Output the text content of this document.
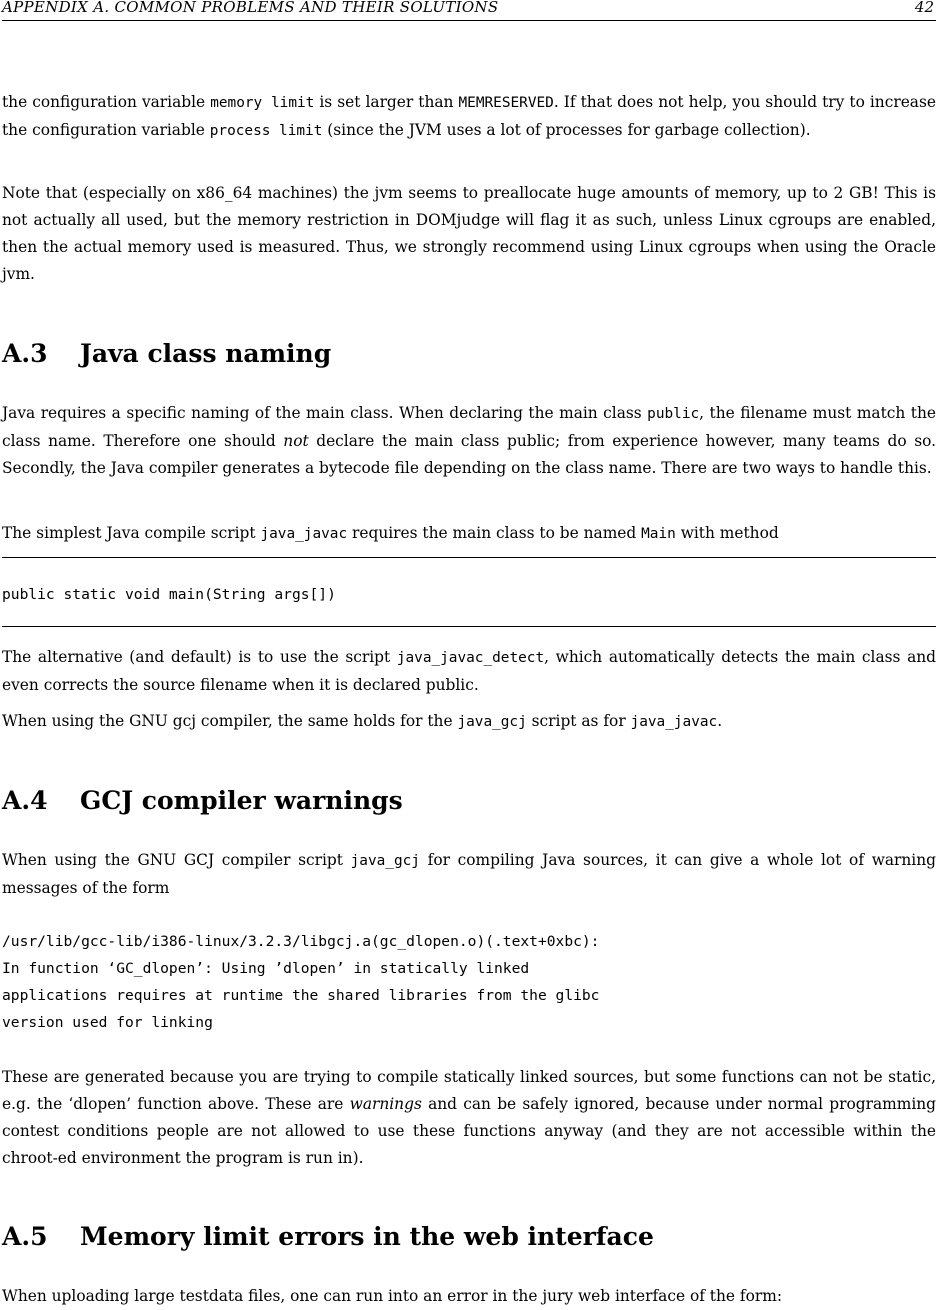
APPENDIX A. COMMON PROBLEMS AND THEIR SOLUTIONS	42

the configuration variable memory limit is set larger than MEMRESERVED. If that does not help, you should try to increase the configuration variable process limit (since the JVM uses a lot of processes for garbage collection).

Note that (especially on x86_64 machines) the jvm seems to preallocate huge amounts of memory, up to 2 GB! This is not actually all used, but the memory restriction in DOMjudge will flag it as such, unless Linux cgroups are enabled, then the actual memory used is measured. Thus, we strongly recommend using Linux cgroups when using the Oracle jvm.

A.3 Java class naming

Java requires a specific naming of the main class. When declaring the main class public, the filename must match the class name. Therefore one should not declare the main class public; from experience however, many teams do so. Secondly, the Java compiler generates a bytecode file depending on the class name. There are two ways to handle this.

The simplest Java compile script java_javac requires the main class to be named Main with method

public static void main(String args[])

The alternative (and default) is to use the script java_javac_detect, which automatically detects the main class and even corrects the source filename when it is declared public.

When using the GNU gcj compiler, the same holds for the java_gcj script as for java_javac.

A.4 GCJ compiler warnings

When using the GNU GCJ compiler script java_gcj for compiling Java sources, it can give a whole lot of warning messages of the form

/usr/lib/gcc-lib/i386-linux/3.2.3/libgcj.a(gc_dlopen.o)(.text+0xbc):
In function ‘GC_dlopen’: Using ’dlopen’ in statically linked
applications requires at runtime the shared libraries from the glibc
version used for linking

These are generated because you are trying to compile statically linked sources, but some functions can not be static, e.g. the ‘dlopen’ function above. These are warnings and can be safely ignored, because under normal programming contest conditions people are not allowed to use these functions anyway (and they are not accessible within the chroot-ed environment the program is run in).

A.5 Memory limit errors in the web interface

When uploading large testdata files, one can run into an error in the jury web interface of the form:
